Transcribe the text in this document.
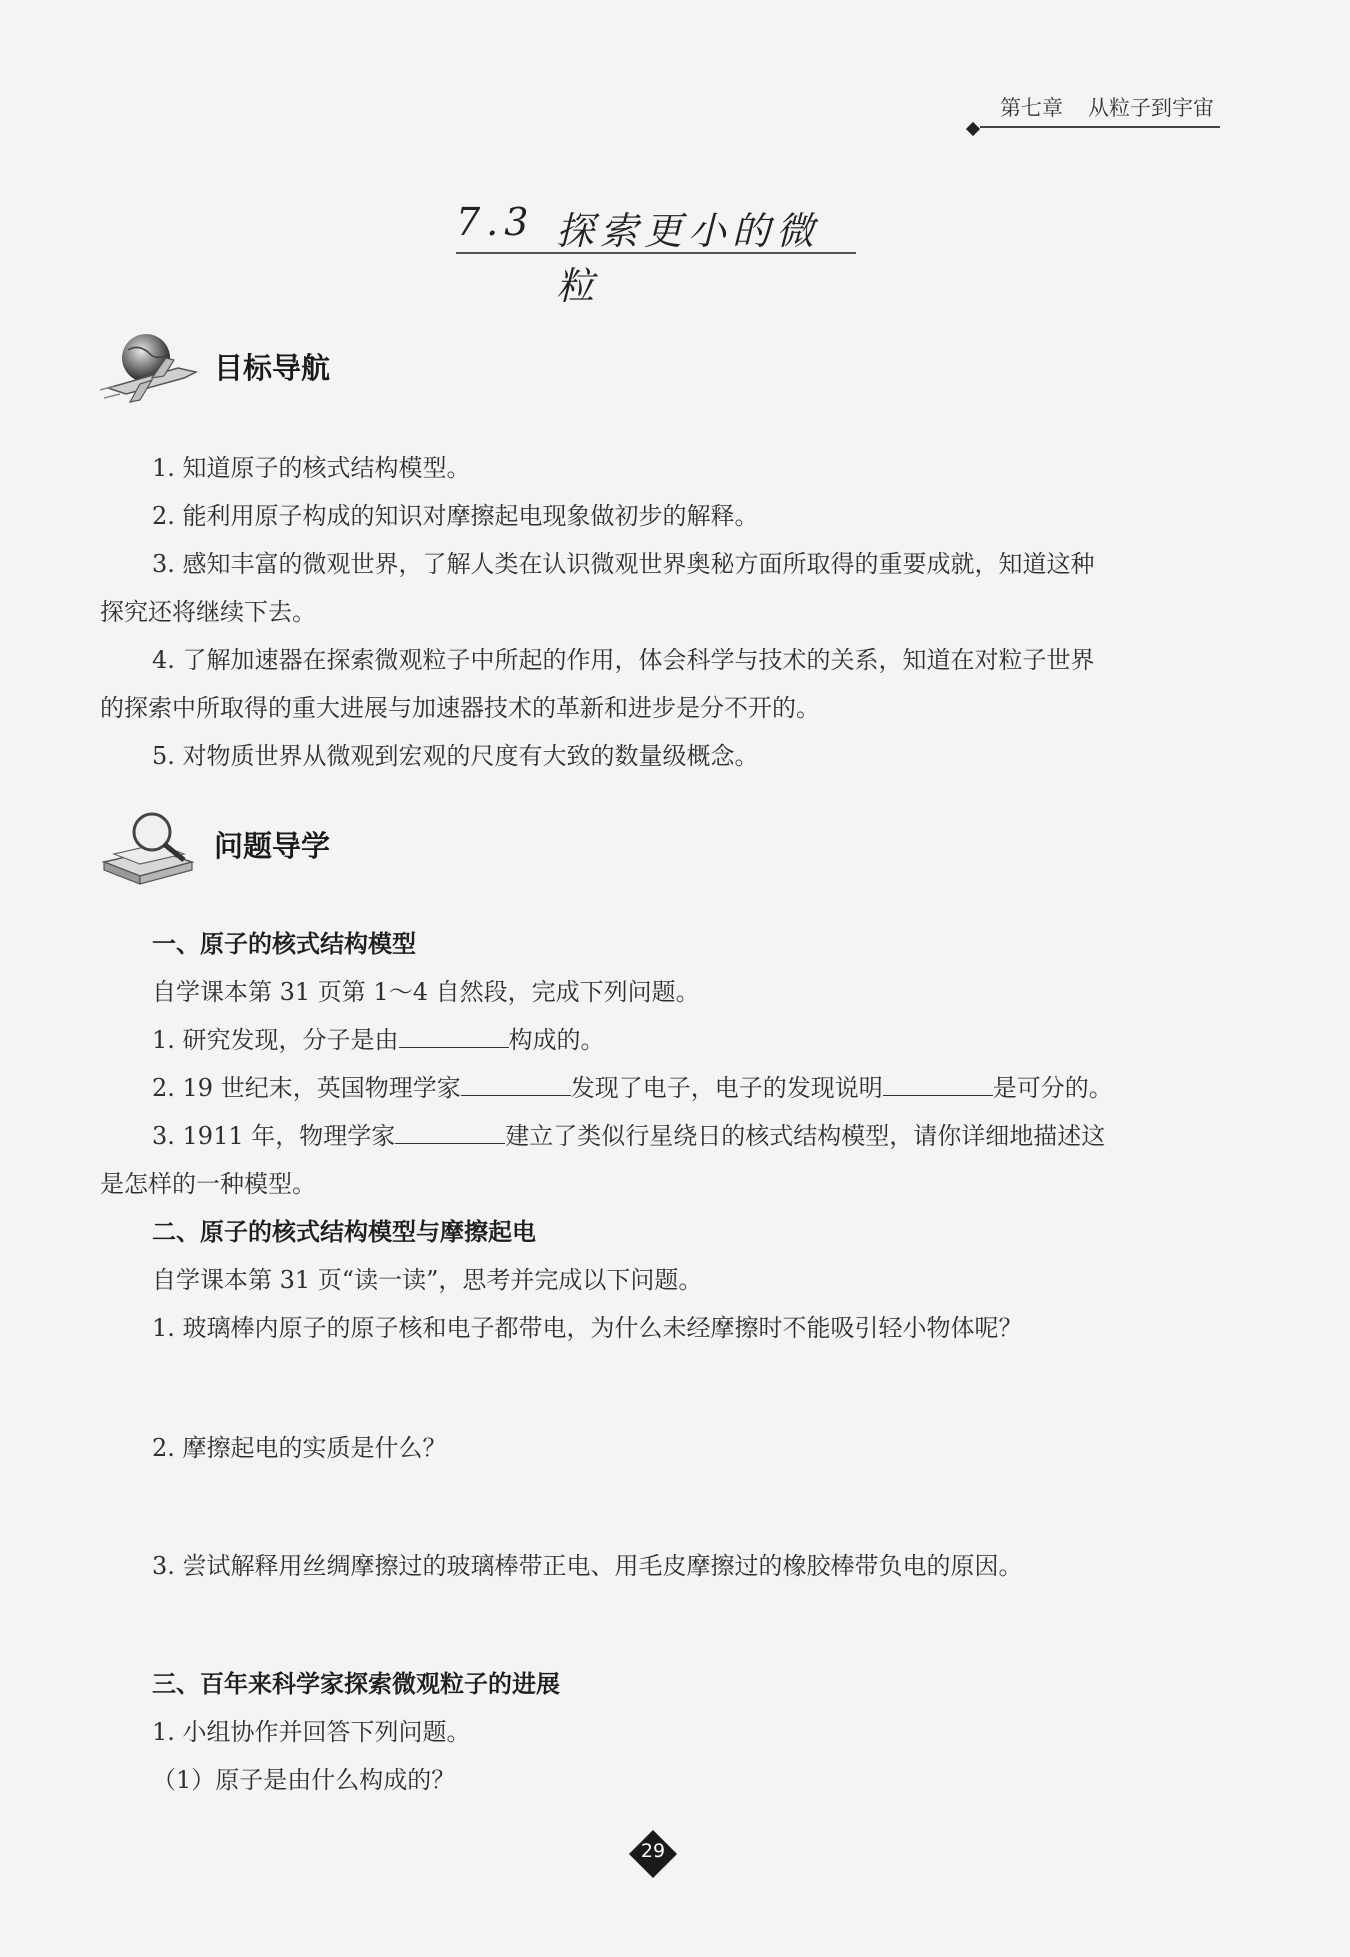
第七章 从粒子到宇宙
7.3 探索更小的微粒
目标导航
1. 知道原子的核式结构模型。
2. 能利用原子构成的知识对摩擦起电现象做初步的解释。
3. 感知丰富的微观世界，了解人类在认识微观世界奥秘方面所取得的重要成就，知道这种
探究还将继续下去。
4. 了解加速器在探索微观粒子中所起的作用，体会科学与技术的关系，知道在对粒子世界
的探索中所取得的重大进展与加速器技术的革新和进步是分不开的。
5. 对物质世界从微观到宏观的尺度有大致的数量级概念。
问题导学
一、原子的核式结构模型
自学课本第 31 页第 1～4 自然段，完成下列问题。
1. 研究发现，分子是由	构成的。
2. 19 世纪末，英国物理学家	发现了电子，电子的发现说明	是可分的。
3. 1911 年，物理学家	建立了类似行星绕日的核式结构模型，请你详细地描述这
是怎样的一种模型。
二、原子的核式结构模型与摩擦起电
自学课本第 31 页“读一读”，思考并完成以下问题。
1. 玻璃棒内原子的原子核和电子都带电，为什么未经摩擦时不能吸引轻小物体呢？
2. 摩擦起电的实质是什么？
3. 尝试解释用丝绸摩擦过的玻璃棒带正电、用毛皮摩擦过的橡胶棒带负电的原因。
三、百年来科学家探索微观粒子的进展
1. 小组协作并回答下列问题。
（1）原子是由什么构成的？
29
